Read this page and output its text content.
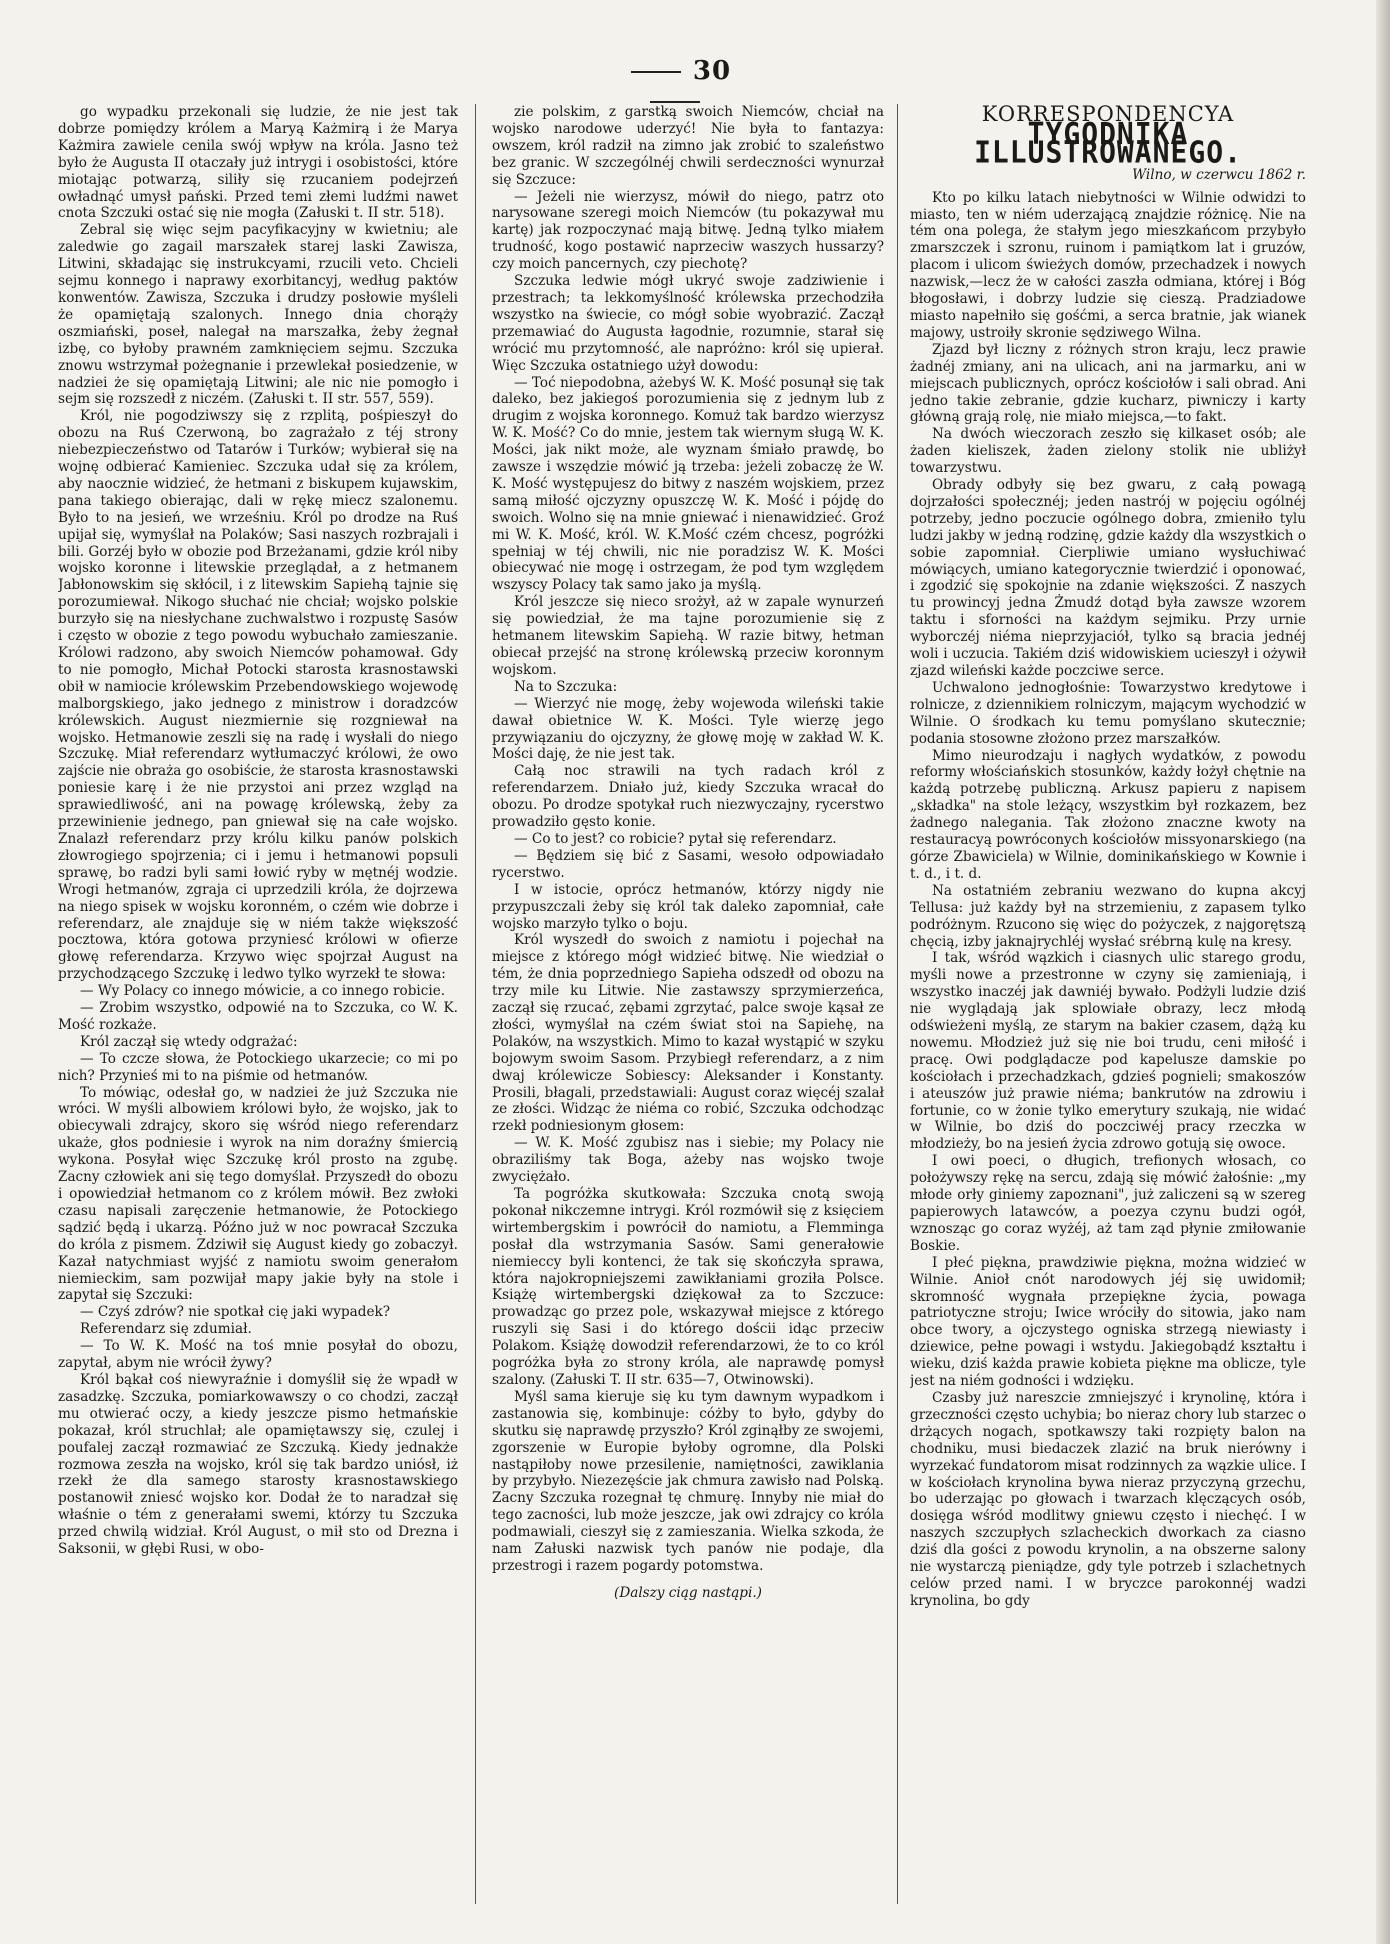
30

go wypadku przekonali się ludzie, że nie jest tak dobrze pomiędzy królem a Maryą Każmirą i że Marya Każmira zawiele cenila swój wpływ na króla. Jasno też było że Augusta II otaczały już intrygi i osobistości, które miotając potwarzą, siliły się rzucaniem podejrzeń owładnąć umysł pański. Przed temi złemi ludźmi nawet cnota Szczuki ostać się nie mogła (Załuski t. II str. 518).

Zebral się więc sejm pacyfikacyjny w kwietniu; ale zaledwie go zagail marszałek starej laski Zawisza, Litwini, składając się instrukcyami, rzucili veto. Chcieli sejmu konnego i naprawy exorbitancyj, według paktów konwentów. Zawisza, Szczuka i drudzy posłowie myśleli że opamiętają szalonych. Innego dnia chorąży oszmiański, poseł, nalegał na marszałka, żeby żegnał izbę, co byłoby prawném zamknięciem sejmu. Szczuka znowu wstrzymał pożegnanie i przewlekał posiedzenie, w nadziei że się opamiętają Litwini; ale nic nie pomogło i sejm się rozszedł z niczém. (Załuski t. II str. 557, 559).

Król, nie pogodziwszy się z rzplitą, pośpieszył do obozu na Ruś Czerwoną, bo zagrażało z téj strony niebezpieczeństwo od Tatarów i Turków; wybierał się na wojnę odbierać Kamieniec. Szczuka udał się za królem, aby naocznie widzieć, że hetmani z biskupem kujawskim, pana takiego obierając, dali w rękę miecz szalonemu. Było to na jesień, we wrześniu. Król po drodze na Ruś upijał się, wymyślał na Polaków; Sasi naszych rozbrajali i bili. Gorzéj było w obozie pod Brzeżanami, gdzie król niby wojsko koronne i litewskie przeglądał, a z hetmanem Jabłonowskim się skłócil, i z litewskim Sapiehą tajnie się porozumiewał. Nikogo słuchać nie chciał; wojsko polskie burzyło się na niesłychane zuchwalstwo i rozpustę Sasów i często w obozie z tego powodu wybuchało zamieszanie. Królowi radzono, aby swoich Niemców pohamował. Gdy to nie pomogło, Michał Potocki starosta krasnostawski obił w namiocie królewskim Przebendowskiego wojewodę malborgskiego, jako jednego z ministrow i doradzców królewskich. August niezmiernie się rozgniewał na wojsko. Hetmanowie zeszli się na radę i wysłali do niego Szczukę. Miał referendarz wytłumaczyć królowi, że owo zajście nie obraża go osobiście, że starosta krasnostawski poniesie karę i że nie przystoi ani przez wzgląd na sprawiedliwość, ani na powagę królewską, żeby za przewinienie jednego, pan gniewał się na całe wojsko. Znalazł referendarz przy królu kilku panów polskich złowrogiego spojrzenia; ci i jemu i hetmanowi popsuli sprawę, bo radzi byli sami łowić ryby w mętnéj wodzie. Wrogi hetmanów, zgraja ci uprzedzili króla, że dojrzewa na niego spisek w wojsku koronném, o czém wie dobrze i referendarz, ale znajduje się w niém także większość pocztowa, która gotowa przyniesć królowi w ofierze głowę referendarza. Krzywo więc spojrzał August na przychodzącego Szczukę i ledwo tylko wyrzekł te słowa:

— Wy Polacy co innego mówicie, a co innego robicie.

— Zrobim wszystko, odpowié na to Szczuka, co W. K. Mość rozkaże.

Król zaczął się wtedy odgrażać:

— To czcze słowa, że Potockiego ukarzecie; co mi po nich? Przynieś mi to na piśmie od hetmanów.

To mówiąc, odesłał go, w nadziei że już Szczuka nie wróci. W myśli albowiem królowi było, że wojsko, jak to obiecywali zdrajcy, skoro się wśród niego referendarz ukaże, głos podniesie i wyrok na nim doraźny śmiercią wykona. Posyłał więc Szczukę król prosto na zgubę. Zacny człowiek ani się tego domyślał. Przyszedł do obozu i opowiedział hetmanom co z królem mówił. Bez zwłoki czasu napisali zaręczenie hetmanowie, że Potockiego sądzić będą i ukarzą. Późno już w noc powracał Szczuka do króla z pismem. Zdziwił się August kiedy go zobaczył. Kazał natychmiast wyjść z namiotu swoim generałom niemieckim, sam pozwijał mapy jakie były na stole i zapytał się Szczuki:

— Czyś zdrów? nie spotkał cię jaki wypadek?

Referendarz się zdumiał.

— To W. K. Mość na toś mnie posyłał do obozu, zapytał, abym nie wrócił żywy?

Król bąkał coś niewyraźnie i domyślił się że wpadł w zasadzkę. Szczuka, pomiarkowawszy o co chodzi, zaczął mu otwierać oczy, a kiedy jeszcze pismo hetmańskie pokazał, król struchlał; ale opamiętawszy się, czulej i poufalej zaczął rozmawiać ze Szczuką. Kiedy jednakże rozmowa zeszła na wojsko, król się tak bardzo uniósł, iż rzekł że dla samego starosty krasnostawskiego postanowił zniesć wojsko kor. Dodał że to naradzał się właśnie o tém z generałami swemi, którzy tu Szczuka przed chwilą widział. Król August, o mił sto od Drezna i Saksonii, w głębi Rusi, w obo-

zie polskim, z garstką swoich Niemców, chciał na wojsko narodowe uderzyć! Nie była to fantazya: owszem, król radził na zimno jak zrobić to szaleństwo bez granic. W szczególnéj chwili serdeczności wynurzał się Szczuce:

— Jeżeli nie wierzysz, mówił do niego, patrz oto narysowane szeregi moich Niemców (tu pokazywał mu kartę) jak rozpoczynać mają bitwę. Jedną tylko miałem trudność, kogo postawić naprzeciw waszych hussarzy? czy moich pancernych, czy piechotę?

Szczuka ledwie mógł ukryć swoje zadziwienie i przestrach; ta lekkomyślność królewska przechodziła wszystko na świecie, co mógł sobie wyobrazić. Zaczął przemawiać do Augusta łagodnie, rozumnie, starał się wrócić mu przytomność, ale napróżno: król się upierał. Więc Szczuka ostatniego użył dowodu:

— Toć niepodobna, ażebyś W. K. Mość posunął się tak daleko, bez jakiegoś porozumienia się z jednym lub z drugim z wojska koronnego. Komuż tak bardzo wierzysz W. K. Mość? Co do mnie, jestem tak wiernym sługą W. K. Mości, jak nikt może, ale wyznam śmiało prawdę, bo zawsze i wszędzie mówić ją trzeba: jeżeli zobaczę że W. K. Mość występujesz do bitwy z naszém wojskiem, przez samą miłość ojczyzny opuszczę W. K. Mość i pójdę do swoich. Wolno się na mnie gniewać i nienawidzieć. Groź mi W. K. Mość, król. W. K.Mość czém chcesz, pogróżki spełniaj w téj chwili, nic nie poradzisz W. K. Mości obiecywać nie mogę i ostrzegam, że pod tym względem wszyscy Polacy tak samo jako ja myślą.

Król jeszcze się nieco srożył, aż w zapale wynurzeń się powiedział, że ma tajne porozumienie się z hetmanem litewskim Sapiehą. W razie bitwy, hetman obiecał przejść na stronę królewską przeciw koronnym wojskom.

Na to Szczuka:

— Wierzyć nie mogę, żeby wojewoda wileński takie dawał obietnice W. K. Mości. Tyle wierzę jego przywiązaniu do ojczyzny, że głowę moję w zakład W. K. Mości daję, że nie jest tak.

Całą noc strawili na tych radach król z referendarzem. Dniało już, kiedy Szczuka wracał do obozu. Po drodze spotykał ruch niezwyczajny, rycerstwo prowadziło gęsto konie.

— Co to jest? co robicie? pytał się referendarz.

— Będziem się bić z Sasami, wesoło odpowiadało rycerstwo.

I w istocie, oprócz hetmanów, którzy nigdy nie przypuszczali żeby się król tak daleko zapomniał, całe wojsko marzyło tylko o boju.

Król wyszedł do swoich z namiotu i pojechał na miejsce z którego mógł widzieć bitwę. Nie wiedział o tém, że dnia poprzedniego Sapieha odszedł od obozu na trzy mile ku Litwie. Nie zastawszy sprzymierzeńca, zaczął się rzucać, zębami zgrzytać, palce swoje kąsał ze złości, wymyślał na czém świat stoi na Sapiehę, na Polaków, na wszystkich. Mimo to kazał wystąpić w szyku bojowym swoim Sasom. Przybiegł referendarz, a z nim dwaj królewicze Sobiescy: Aleksander i Konstanty. Prosili, błagali, przedstawiali: August coraz więcéj szalał ze złości. Widząc że niéma co robić, Szczuka odchodząc rzekł podniesionym głosem:

— W. K. Mość zgubisz nas i siebie; my Polacy nie obraziliśmy tak Boga, ażeby nas wojsko twoje zwyciężało.

Ta pogróżka skutkowała: Szczuka cnotą swoją pokonał nikczemne intrygi. Król rozmówił się z księciem wirtembergskim i powrócił do namiotu, a Flemminga posłał dla wstrzymania Sasów. Sami generałowie niemieccy byli kontenci, że tak się skończyła sprawa, która najokropniejszemi zawikłaniami groziła Polsce. Książę wirtembergski dziękował za to Szczuce: prowadząc go przez pole, wskazywał miejsce z którego ruszyli się Sasi i do którego dościi idąc przeciw Polakom. Książę dowodził referendarzowi, że to co król pogróżka była zo strony króla, ale naprawdę pomysł szalony. (Załuski T. II str. 635—7, Otwinowski).

Myśl sama kieruje się ku tym dawnym wypadkom i zastanowia się, kombinuje: cóżby to było, gdyby do skutku się naprawdę przyszło? Król zginąłby ze swojemi, zgorszenie w Europie byłoby ogromne, dla Polski nastąpiłoby nowe przesilenie, namiętności, zawiklania by przybyło. Niezezęście jak chmura zawisło nad Polską. Zacny Szczuka rozegnał tę chmurę. Innyby nie miał do tego zacności, lub może jeszcze, jak owi zdrajcy co króla podmawiali, cieszył się z zamieszania. Wielka szkoda, że nam Załuski nazwisk tych panów nie podaje, dla przestrogi i razem pogardy potomstwa.

(Dalszy ciąg nastąpi.)
KORRESPONDENCYA
TYGODNIKA ILLUSTROWANEGO.
Wilno, w czerwcu 1862 r.

Kto po kilku latach niebytności w Wilnie odwidzi to miasto, ten w niém uderzającą znajdzie różnicę. Nie na tém ona polega, że stałym jego mieszkańcom przybyło zmarszczek i szronu, ruinom i pamiątkom lat i gruzów, placom i ulicom świeżych domów, przechadzek i nowych nazwisk,—lecz że w całości zaszła odmiana, której i Bóg błogosławi, i dobrzy ludzie się cieszą. Pradziadowe miasto napełniło się gośćmi, a serca bratnie, jak wianek majowy, ustroiły skronie sędziwego Wilna.

Zjazd był liczny z różnych stron kraju, lecz prawie żadnéj zmiany, ani na ulicach, ani na jarmarku, ani w miejscach publicznych, oprócz kościołów i sali obrad. Ani jedno takie zebranie, gdzie kucharz, piwniczy i karty główną grają rolę, nie miało miejsca,—to fakt.

Na dwóch wieczorach zeszło się kilkaset osób; ale żaden kieliszek, żaden zielony stolik nie ubliżył towarzystwu.

Obrady odbyły się bez gwaru, z całą powagą dojrzałości społecznéj; jeden nastrój w pojęciu ogólnéj potrzeby, jedno poczucie ogólnego dobra, zmieniło tylu ludzi jakby w jedną rodzinę, gdzie każdy dla wszystkich o sobie zapomniał. Cierpliwie umiano wysłuchiwać mówiących, umiano kategorycznie twierdzić i oponować, i zgodzić się spokojnie na zdanie większości. Z naszych tu prowincyj jedna Żmudź dotąd była zawsze wzorem taktu i sforności na każdym sejmiku. Przy urnie wyborczéj niéma nieprzyjaciół, tylko są bracia jednéj woli i uczucia. Takiém dziś widowiskiem ucieszył i ożywił zjazd wileński każde poczciwe serce.

Uchwalono jednogłośnie: Towarzystwo kredytowe i rolnicze, z dziennikiem rolniczym, mającym wychodzić w Wilnie. O środkach ku temu pomyślano skutecznie; podania stosowne złożono przez marszałków.

Mimo nieurodzaju i nagłych wydatków, z powodu reformy włościańskich stosunków, każdy łożył chętnie na każdą potrzebę publiczną. Arkusz papieru z napisem „składka" na stole leżący, wszystkim był rozkazem, bez żadnego nalegania. Tak złożono znaczne kwoty na restauracyą powróconych kościołów missyonarskiego (na górze Zbawiciela) w Wilnie, dominikańskiego w Kownie i t. d., i t. d.

Na ostatniém zebraniu wezwano do kupna akcyj Tellusa: już każdy był na strzemieniu, z zapasem tylko podróżnym. Rzucono się więc do pożyczek, z najgorętszą chęcią, izby jaknajrychléj wysłać srébrną kulę na kresy.

I tak, wśród wązkich i ciasnych ulic starego grodu, myśli nowe a przestronne w czyny się zamieniają, i wszystko inaczéj jak dawniéj bywało. Podżyli ludzie dziś nie wyglądają jak splowiałe obrazy, lecz młodą odświeżeni myślą, ze starym na bakier czasem, dążą ku nowemu. Młodzież już się nie boi trudu, ceni miłość i pracę. Owi podglądacze pod kapelusze damskie po kościołach i przechadzkach, gdzieś pognieli; smakoszów i ateuszów już prawie niéma; bankrutów na zdrowiu i fortunie, co w żonie tylko emerytury szukają, nie widać w Wilnie, bo dziś do poczciwéj pracy rzeczka w młodzieży, bo na jesień życia zdrowo gotują się owoce.

I owi poeci, o długich, trefionych włosach, co położywszy rękę na sercu, zdają się mówić żałośnie: „my młode orły giniemy zapoznani", już zaliczeni są w szereg papierowych latawców, a poezya czynu budzi ogół, wznosząc go coraz wyżéj, aż tam ząd płynie zmiłowanie Boskie.

I płeć piękna, prawdziwie piękna, można widzieć w Wilnie. Anioł cnót narodowych jéj się uwidomił; skromność wygnała przepiękne życia, powaga patriotyczne stroju; Iwice wróciły do sitowia, jako nam obce twory, a ojczystego ogniska strzegą niewiasty i dziewice, pełne powagi i wstydu. Jakiegobądź kształtu i wieku, dziś każda prawie kobieta piękne ma oblicze, tyle jest na niém godności i wdzięku.

Czasby już nareszcie zmniejszyć i krynolinę, która i grzeczności często uchybia; bo nieraz chory lub starzec o drżących nogach, spotkawszy taki rozpięty balon na chodniku, musi biedaczek zlazić na bruk nierówny i wyrzekać fundatorom misat rodzinnych za wązkie ulice. I w kościołach krynolina bywa nieraz przyczyną grzechu, bo uderzając po głowach i twarzach klęczących osób, dosięga wśród modlitwy gniewu często i niechęć. I w naszych szczupłych szlacheckich dworkach za ciasno dziś dla gości z powodu krynolin, a na obszerne salony nie wystarczą pieniądze, gdy tyle potrzeb i szlachetnych celów przed nami. I w bryczce parokonnéj wadzi krynolina, bo gdy
